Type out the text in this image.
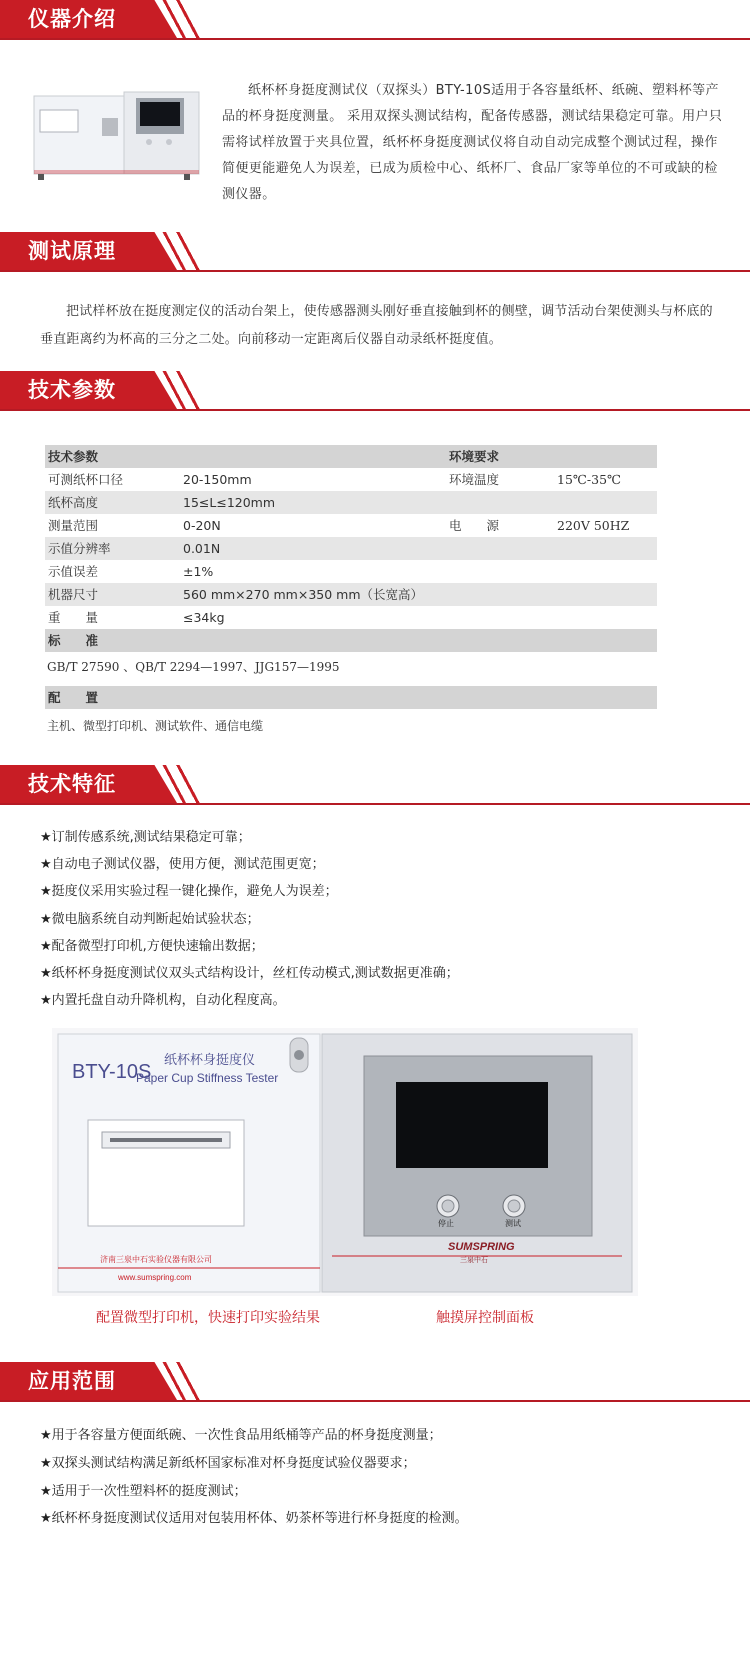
仪器介绍
纸杯杯身挺度测试仪（双探头）BTY-10S适用于各容量纸杯、纸碗、塑料杯等产品的杯身挺度测量。 采用双探头测试结构，配备传感器，测试结果稳定可靠。用户只需将试样放置于夹具位置，纸杯杯身挺度测试仪将自动自动完成整个测试过程，操作简便更能避免人为误差，已成为质检中心、纸杯厂、食品厂家等单位的不可或缺的检测仪器。
测试原理
把试样杯放在挺度测定仪的活动台架上，使传感器测头刚好垂直接触到杯的侧壁，调节活动台架使测头与杯底的垂直距离约为杯高的三分之二处。向前移动一定距离后仪器自动录纸杯挺度值。
技术参数
技术参数	环境要求
可测纸杯口径	20-150mm	环境温度	15℃-35℃
纸杯高度	15≤L≤120mm
测量范围	0-20N	电　　源	220V 50HZ
示值分辨率	0.01N
示值误差	±1%
机器尺寸	560 mm×270 mm×350 mm（长宽高）
重　　量	≤34kg
标　　准
GB/T 27590 、QB/T 2294—1997、JJG157—1995
配　　置
主机、微型打印机、测试软件、通信电缆
技术特征
★订制传感系统,测试结果稳定可靠；
★自动电子测试仪器，使用方便，测试范围更宽；
★挺度仪采用实验过程一键化操作，避免人为误差；
★微电脑系统自动判断起始试验状态；
★配备微型打印机,方便快速输出数据；
★纸杯杯身挺度测试仪双头式结构设计，丝杠传动模式,测试数据更准确；
★内置托盘自动升降机构，自动化程度高。
BTY-10S
纸杯杯身挺度仪
Paper Cup Stiffness Tester
济南三泉中石实验仪器有限公司
www.sumspring.com
停止	测试
SUMSPRING
三泉中石
配置微型打印机，快速打印实验结果	触摸屏控制面板
应用范围
★用于各容量方便面纸碗、一次性食品用纸桶等产品的杯身挺度测量；
★双探头测试结构满足新纸杯国家标准对杯身挺度试验仪器要求；
★适用于一次性塑料杯的挺度测试；
★纸杯杯身挺度测试仪适用对包装用杯体、奶茶杯等进行杯身挺度的检测。
